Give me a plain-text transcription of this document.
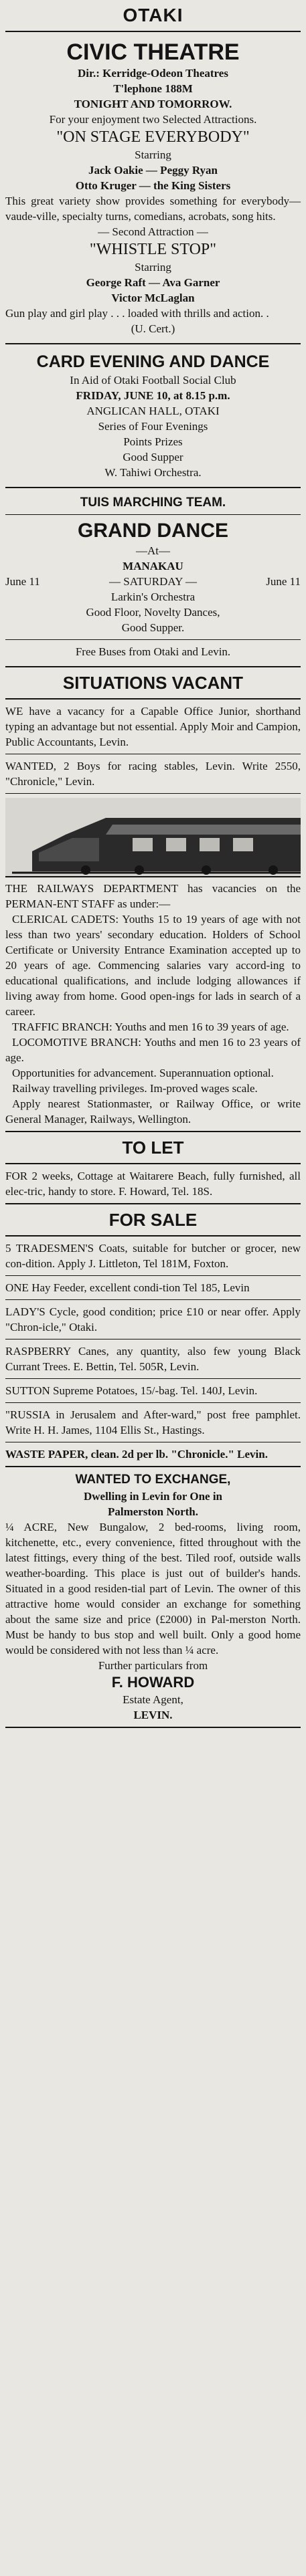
OTAKI
CIVIC THEATRE
Dir.: Kerridge-Odeon Theatres
T'lephone 188M
TONIGHT AND TOMORROW.
For your enjoyment two Selected Attractions.
"ON STAGE EVERYBODY"
Starring
Jack Oakie — Peggy Ryan
Otto Kruger — the King Sisters
This great variety show provides something for everybody—vaude-ville, specialty turns, comedians, acrobats, song hits.
— Second Attraction —
"WHISTLE STOP"
Starring
George Raft — Ava Garner
Victor McLaglan
Gun play and girl play . . . loaded with thrills and action. .
(U. Cert.)
CARD EVENING AND DANCE
In Aid of Otaki Football Social Club
FRIDAY, JUNE 10, at 8.15 p.m.
ANGLICAN HALL, OTAKI
Series of Four Evenings
Points Prizes
Good Supper
W. Tahiwi Orchestra.
TUIS MARCHING TEAM.
GRAND DANCE
—At—
MANAKAU
June 11	— SATURDAY —	June 11
Larkin's Orchestra
Good Floor, Novelty Dances,
Good Supper.
Free Buses from Otaki and Levin.
SITUATIONS VACANT

WE have a vacancy for a Capable Office Junior, shorthand typing an advantage but not essential. Apply Moir and Campion, Public Accountants, Levin.

WANTED, 2 Boys for racing stables, Levin. Write 2550, "Chronicle," Levin.

THE RAILWAYS DEPARTMENT has vacancies on the PERMAN-ENT STAFF as under:—

CLERICAL CADETS: Youths 15 to 19 years of age with not less than two years' secondary education. Holders of School Certificate or University Entrance Examination accepted up to 20 years of age. Commencing salaries vary accord-ing to educational qualifications, and include lodging allowances if living away from home. Good open-ings for lads in search of a career.

TRAFFIC BRANCH: Youths and men 16 to 39 years of age.

LOCOMOTIVE BRANCH: Youths and men 16 to 23 years of age.

Opportunities for advancement. Superannuation optional.

Railway travelling privileges. Im-proved wages scale.

Apply nearest Stationmaster, or Railway Office, or write General Manager, Railways, Wellington.

TO LET

FOR 2 weeks, Cottage at Waitarere Beach, fully furnished, all elec-tric, handy to store. F. Howard, Tel. 18S.

FOR SALE

5 TRADESMEN'S Coats, suitable for butcher or grocer, new con-dition. Apply J. Littleton, Tel 181M, Foxton.

ONE Hay Feeder, excellent condi-tion Tel 185, Levin

LADY'S Cycle, good condition; price £10 or near offer. Apply "Chron-icle," Otaki.

RASPBERRY Canes, any quantity, also few young Black Currant Trees. E. Bettin, Tel. 505R, Levin.

SUTTON Supreme Potatoes, 15/-bag. Tel. 140J, Levin.

"RUSSIA in Jerusalem and After-ward," post free pamphlet. Write H. H. James, 1104 Ellis St., Hastings.

WASTE PAPER, clean. 2d per lb. "Chronicle." Levin.

WANTED TO EXCHANGE,
Dwelling in Levin for One in
Palmerston North.

¼ ACRE, New Bungalow, 2 bed-rooms, living room, kitchenette, etc., every convenience, fitted throughout with the latest fittings, every thing of the best. Tiled roof, outside walls weather-boarding. This place is just out of builder's hands. Situated in a good residen-tial part of Levin. The owner of this attractive home would consider an exchange for something about the same size and price (£2000) in Pal-merston North. Must be handy to bus stop and well built. Only a good home would be considered with not less than ¼ acre.

Further particulars from
F. HOWARD
Estate Agent,
LEVIN.
